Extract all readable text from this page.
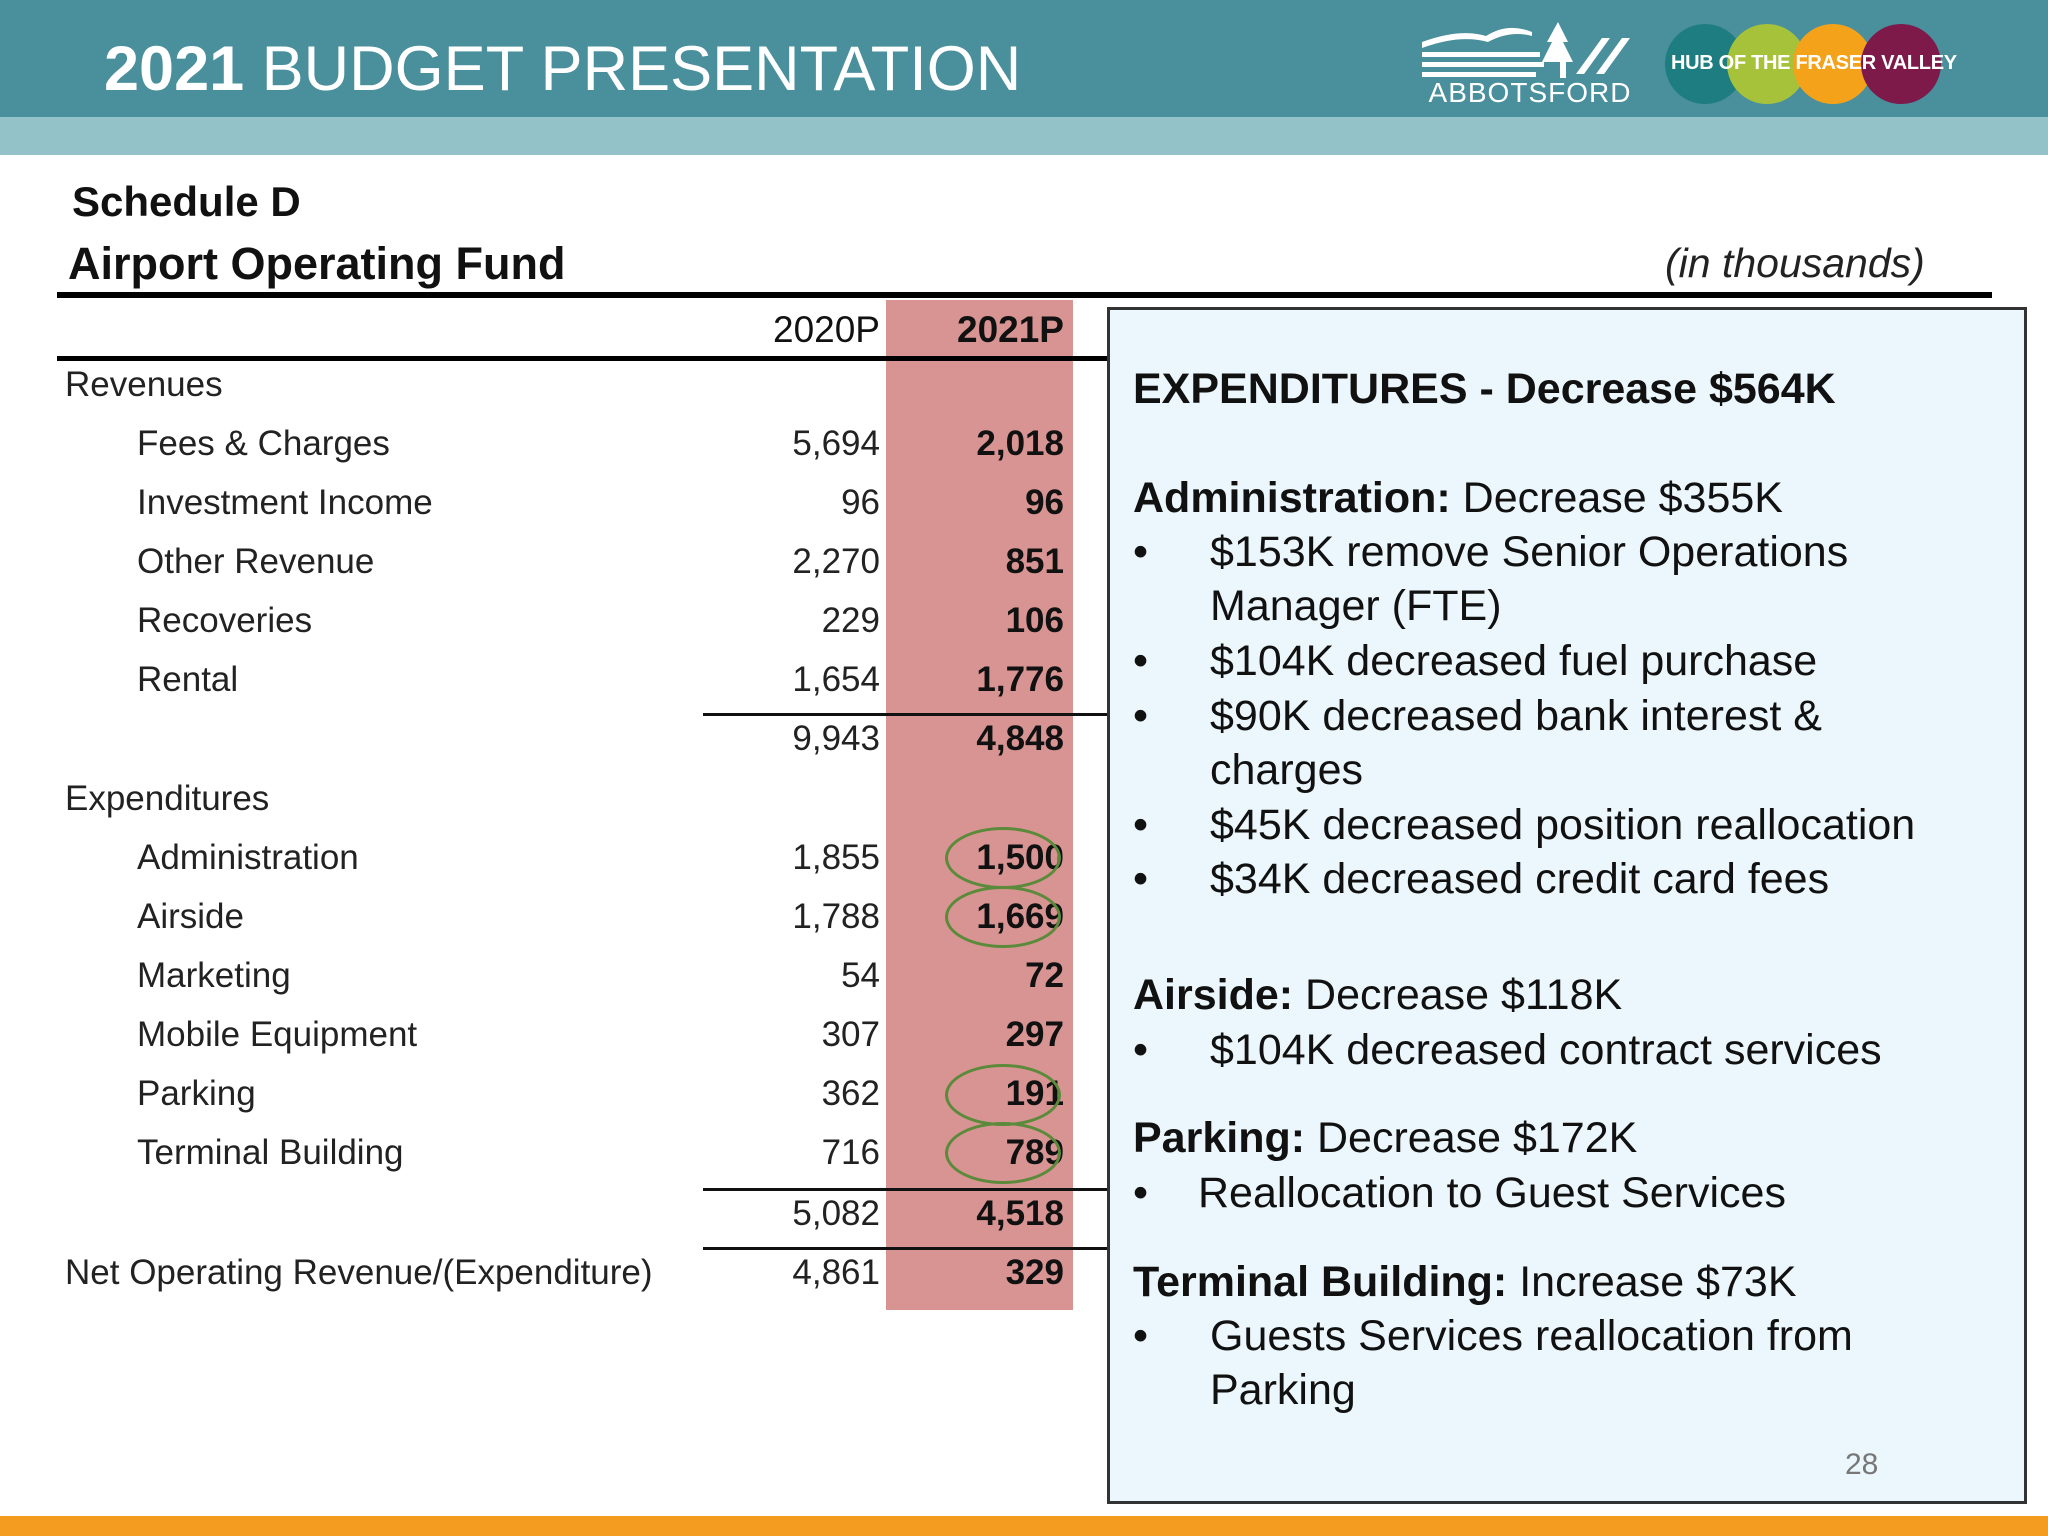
2021 BUDGET PRESENTATION	ABBOTSFORD
HUB OF THE FRASER VALLEY
Schedule D
Airport Operating Fund	(in thousands)
2020P	2021P
Revenues
Fees & Charges	5,694	2,018
Investment Income	96	96
Other Revenue	2,270	851
Recoveries	229	106
Rental	1,654	1,776
9,943	4,848
Expenditures
Administration	1,855	1,500
Airside	1,788	1,669
Marketing	54	72
Mobile Equipment	307	297
Parking	362	191
Terminal Building	716	789
5,082	4,518
Net Operating Revenue/(Expenditure)	4,861	329
EXPENDITURES - Decrease $564K
Administration: Decrease $355K
• $153K remove Senior Operations
Manager (FTE)
• $104K decreased fuel purchase
• $90K decreased bank interest &
charges
• $45K decreased position reallocation
• $34K decreased credit card fees
Airside: Decrease $118K
• $104K decreased contract services
Parking: Decrease $172K
• Reallocation to Guest Services
Terminal Building: Increase $73K
• Guests Services reallocation from
Parking
28
